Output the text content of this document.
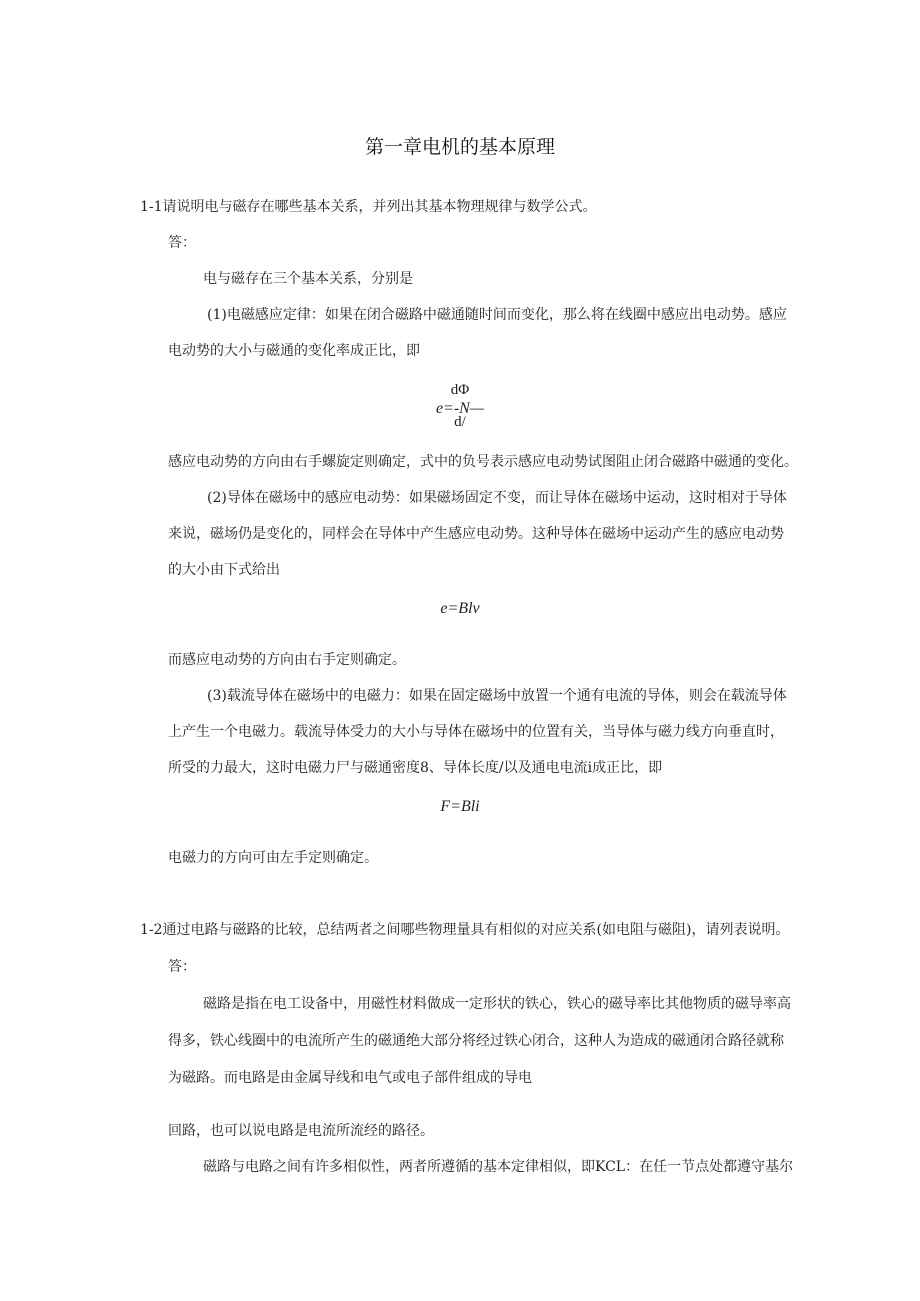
第一章电机的基本原理
1-1请说明电与磁存在哪些基本关系，并列出其基本物理规律与数学公式。
答：
电与磁存在三个基本关系，分别是
(1)电磁感应定律：如果在闭合磁路中磁通随时间而变化，那么将在线圈中感应出电动势。感应
电动势的大小与磁通的变化率成正比，即
dΦ
e=-N—
d/
感应电动势的方向由右手螺旋定则确定，式中的负号表示感应电动势试图阻止闭合磁路中磁通的变化。
(2)导体在磁场中的感应电动势：如果磁场固定不变，而让导体在磁场中运动，这时相对于导体
来说，磁场仍是变化的，同样会在导体中产生感应电动势。这种导体在磁场中运动产生的感应电动势
的大小由下式给出
e=Blv
而感应电动势的方向由右手定则确定。
(3)载流导体在磁场中的电磁力：如果在固定磁场中放置一个通有电流的导体，则会在载流导体
上产生一个电磁力。载流导体受力的大小与导体在磁场中的位置有关，当导体与磁力线方向垂直时，
所受的力最大，这时电磁力尸与磁通密度8、导体长度/以及通电电流i成正比，即
F=Bli
电磁力的方向可由左手定则确定。
1-2通过电路与磁路的比较，总结两者之间哪些物理量具有相似的对应关系(如电阻与磁阻)，请列表说明。
答：
磁路是指在电工设备中，用磁性材料做成一定形状的铁心，铁心的磁导率比其他物质的磁导率高
得多，铁心线圈中的电流所产生的磁通绝大部分将经过铁心闭合，这种人为造成的磁通闭合路径就称
为磁路。而电路是由金属导线和电气或电子部件组成的导电
回路，也可以说电路是电流所流经的路径。
磁路与电路之间有许多相似性，两者所遵循的基本定律相似，即KCL：在任一节点处都遵守基尔
